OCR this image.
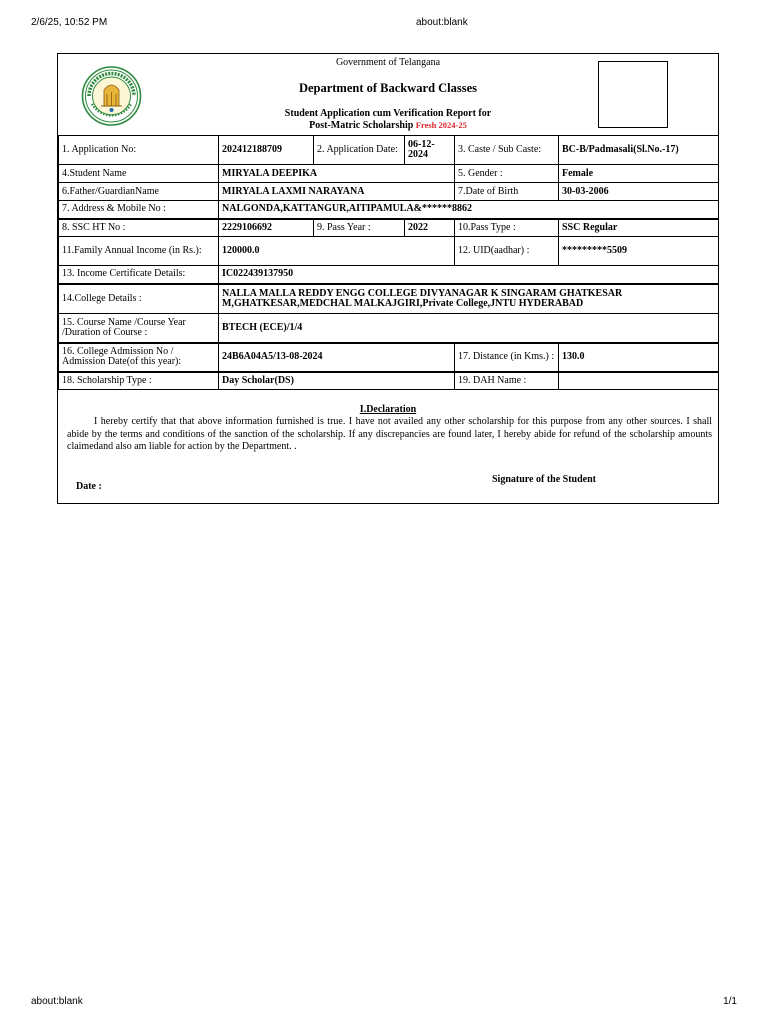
2/6/25, 10:52 PM	about:blank
Government of Telangana
Department of Backward Classes
Student Application cum Verification Report for
Post-Matric Scholarship Fresh 2024-25
1. Application No:	202412188709	2. Application Date:	06-12-2024	3. Caste / Sub Caste:	BC-B/Padmasali(Sl.No.-17)
4.Student Name	MIRYALA DEEPIKA			5. Gender :	Female
6.Father/GuardianName	MIRYALA LAXMI NARAYANA			7.Date of Birth	30-03-2006
7. Address & Mobile No :	NALGONDA,KATTANGUR,AITIPAMULA&******8862				
8. SSC HT No :	2229106692	9. Pass Year :	2022	10.Pass Type :	SSC Regular
11.Family Annual Income (in Rs.):	120000.0			12. UID(aadhar) :	*********5509
13. Income Certificate Details:	IC022439137950				
14.College Details :	NALLA MALLA REDDY ENGG COLLEGE DIVYANAGAR K SINGARAM GHATKESAR M,GHATKESAR,MEDCHAL MALKAJGIRI,Private College,JNTU HYDERABAD				
15. Course Name /Course Year /Duration of Course :	BTECH (ECE)/1/4				
16. College Admission No / Admission Date(of this year):	24B6A04A5/13-08-2024			17. Distance (in Kms.) :	130.0
18. Scholarship Type :	Day Scholar(DS)			19. DAH Name :	
I.Declaration
I hereby certify that that above information furnished is true. I have not availed any other scholarship for this purpose from any other sources. I shall abide by the terms and conditions of the sanction of the scholarship. If any discrepancies are found later, I hereby abide for refund of the scholarship amounts claimedand also am liable for action by the Department. .
Signature of the Student
Date :
about:blank	1/1
